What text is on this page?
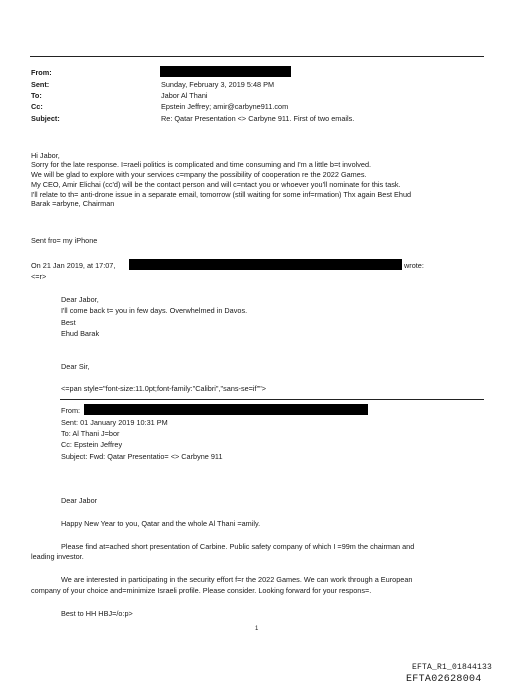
From:
Sent:	Sunday, February 3, 2019 5:48 PM
To:	Jabor Al Thani
Cc:	Epstein Jeffrey; amir@carbyne911.com
Subject:	Re: Qatar Presentation <> Carbyne 911. First of two emails.
Hi Jabor,
Sorry for the late response. I=raeli politics is complicated and time consuming and I'm a little b=t involved.
We will be glad to explore with your services c=mpany the possibility of cooperation re the 2022 Games.
My CEO, Amir Elichai (cc'd) will be the contact person and will c=ntact you or whoever you'll nominate for this task.
I'll relate to th= anti-drone issue in a separate email, tomorrow (still waiting for some inf=rmation) Thx again Best Ehud
Barak =arbyne, Chairman
Sent fro= my iPhone
On 21 Jan 2019, at 17:07,	wrote:
<=r>
Dear Jabor,
I'll come back t= you in few days. Overwhelmed in Davos.
Best
Ehud Barak
Dear Sir,
<=pan style="font-size:11.0pt;font-family:"Calibri","sans-se=if"">
From:
Sent: 01 January 2019 10:31 PM
To: Al Thani J=bor
Cc: Epstein Jeffrey
Subject: Fwd: Qatar Presentatio= <> Carbyne 911
Dear Jabor
Happy New Year to you, Qatar and the whole Al Thani =amily.
Please find at=ached short presentation of Carbine. Public safety company of which I =99m the chairman and
leading investor.
We are interested in participating in the security effort f=r the 2022 Games. We can work through a European
company of your choice and=minimize Israeli profile. Please consider. Looking forward for your respons=.
Best to HH HBJ=/o:p>
1
EFTA_R1_01844133
EFTA02628004
